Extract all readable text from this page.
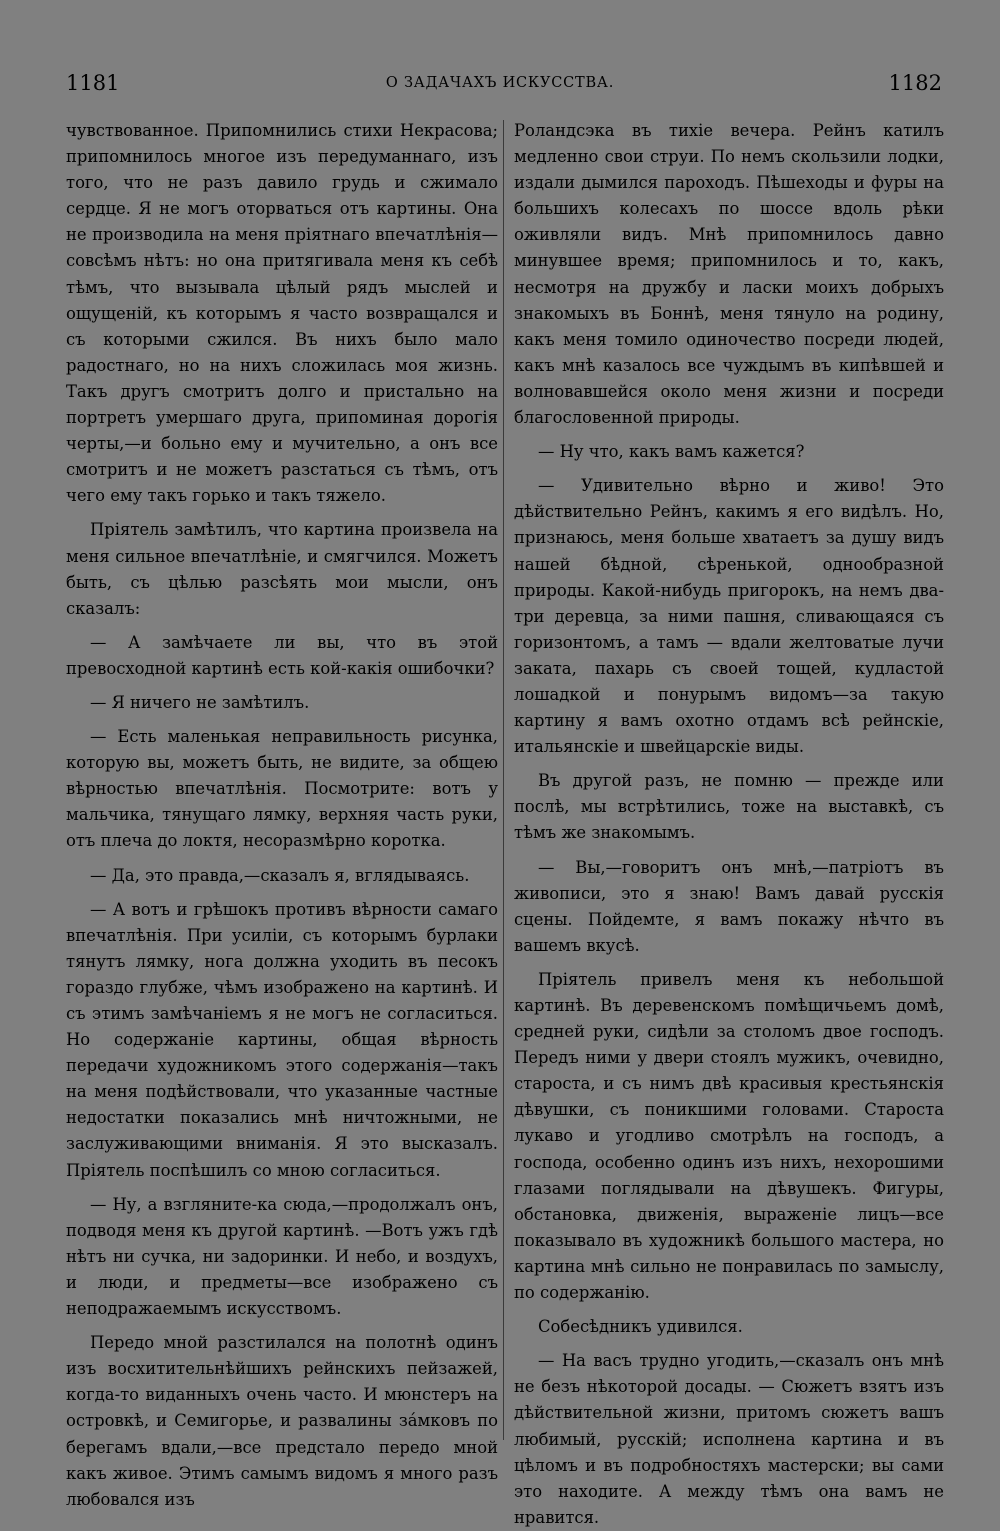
1181	О ЗАДАЧАХЪ ИСКУССТВА.	1182

чувствованное. Припомнились стихи Некрасова; припомнилось многое изъ передуманнаго, изъ того, что не разъ давило грудь и сжимало сердце. Я не могъ оторваться отъ картины. Она не производила на меня пріятнаго впечатлѣнія—совсѣмъ нѣтъ: но она притягивала меня къ себѣ тѣмъ, что вызывала цѣлый рядъ мыслей и ощущеній, къ которымъ я часто возвращался и съ которыми сжился. Въ нихъ было мало радостнаго, но на нихъ сложилась моя жизнь. Такъ другъ смотритъ долго и пристально на портретъ умершаго друга, припоминая дорогія черты,—и больно ему и мучительно, а онъ все смотритъ и не можетъ разстаться съ тѣмъ, отъ чего ему такъ горько и такъ тяжело.

Пріятель замѣтилъ, что картина произвела на меня сильное впечатлѣніе, и смягчился. Можетъ быть, съ цѣлью разсѣять мои мысли, онъ сказалъ:

— А замѣчаете ли вы, что въ этой превосходной картинѣ есть кой-какія ошибочки?

— Я ничего не замѣтилъ.

— Есть маленькая неправильность рисунка, которую вы, можетъ быть, не видите, за общею вѣрностью впечатлѣнія. Посмотрите: вотъ у мальчика, тянущаго лямку, верхняя часть руки, отъ плеча до локтя, несоразмѣрно коротка.

— Да, это правда,—сказалъ я, вглядываясь.

— А вотъ и грѣшокъ противъ вѣрности самаго впечатлѣнія. При усиліи, съ которымъ бурлаки тянутъ лямку, нога должна уходить въ песокъ гораздо глубже, чѣмъ изображено на картинѣ. И съ этимъ замѣчаніемъ я не могъ не согласиться. Но содержаніе картины, общая вѣрность передачи художникомъ этого содержанія—такъ на меня подѣйствовали, что указанные частные недостатки показались мнѣ ничтожными, не заслуживающими вниманія. Я это высказалъ. Пріятель поспѣшилъ со мною согласиться.

— Ну, а взгляните-ка сюда,—продолжалъ онъ, подводя меня къ другой картинѣ. —Вотъ ужъ гдѣ нѣтъ ни сучка, ни задоринки. И небо, и воздухъ, и люди, и предметы—все изображено съ неподражаемымъ искусствомъ.

Передо мной разстилался на полотнѣ одинъ изъ восхитительнѣйшихъ рейнскихъ пейзажей, когда-то виданныхъ очень часто. И мюнстеръ на островкѣ, и Семигорье, и развалины зáмковъ по берегамъ вдали,—все предстало передо мной какъ живое. Этимъ самымъ видомъ я много разъ любовался изъ

Роландсэка въ тихіе вечера. Рейнъ катилъ медленно свои струи. По немъ скользили лодки, издали дымился пароходъ. Пѣшеходы и фуры на большихъ колесахъ по шоссе вдоль рѣки оживляли видъ. Мнѣ припомнилось давно минувшее время; припомнилось и то, какъ, несмотря на дружбу и ласки моихъ добрыхъ знакомыхъ въ Боннѣ, меня тянуло на родину, какъ меня томило одиночество посреди людей, какъ мнѣ казалось все чуждымъ въ кипѣвшей и волновавшейся около меня жизни и посреди благословенной природы.

— Ну что, какъ вамъ кажется?

— Удивительно вѣрно и живо! Это дѣйствительно Рейнъ, какимъ я его видѣлъ. Но, признаюсь, меня больше хватаетъ за душу видъ нашей бѣдной, сѣренькой, однообразной природы. Какой-нибудь пригорокъ, на немъ два-три деревца, за ними пашня, сливающаяся съ горизонтомъ, а тамъ — вдали желтоватые лучи заката, пахарь съ своей тощей, кудластой лошадкой и понурымъ видомъ—за такую картину я вамъ охотно отдамъ всѣ рейнскіе, итальянскіе и швейцарскіе виды.

Въ другой разъ, не помню — прежде или послѣ, мы встрѣтились, тоже на выставкѣ, съ тѣмъ же знакомымъ.

— Вы,—говоритъ онъ мнѣ,—патріотъ въ живописи, это я знаю! Вамъ давай русскія сцены. Пойдемте, я вамъ покажу нѣчто въ вашемъ вкусѣ.

Пріятель привелъ меня къ небольшой картинѣ. Въ деревенскомъ помѣщичьемъ домѣ, средней руки, сидѣли за столомъ двое господъ. Передъ ними у двери стоялъ мужикъ, очевидно, староста, и съ нимъ двѣ красивыя крестьянскія дѣвушки, съ поникшими головами. Староста лукаво и угодливо смотрѣлъ на господъ, а господа, особенно одинъ изъ нихъ, нехорошими глазами поглядывали на дѣвушекъ. Фигуры, обстановка, движенія, выраженіе лицъ—все показывало въ художникѣ большого мастера, но картина мнѣ сильно не понравилась по замыслу, по содержанію.

Собесѣдникъ удивился.

— На васъ трудно угодить,—сказалъ онъ мнѣ не безъ нѣкоторой досады. — Сюжетъ взятъ изъ дѣйствительной жизни, притомъ сюжетъ вашъ любимый, русскій; исполнена картина и въ цѣломъ и въ подробностяхъ мастерски; вы сами это находите. А между тѣмъ она вамъ не нравится.
